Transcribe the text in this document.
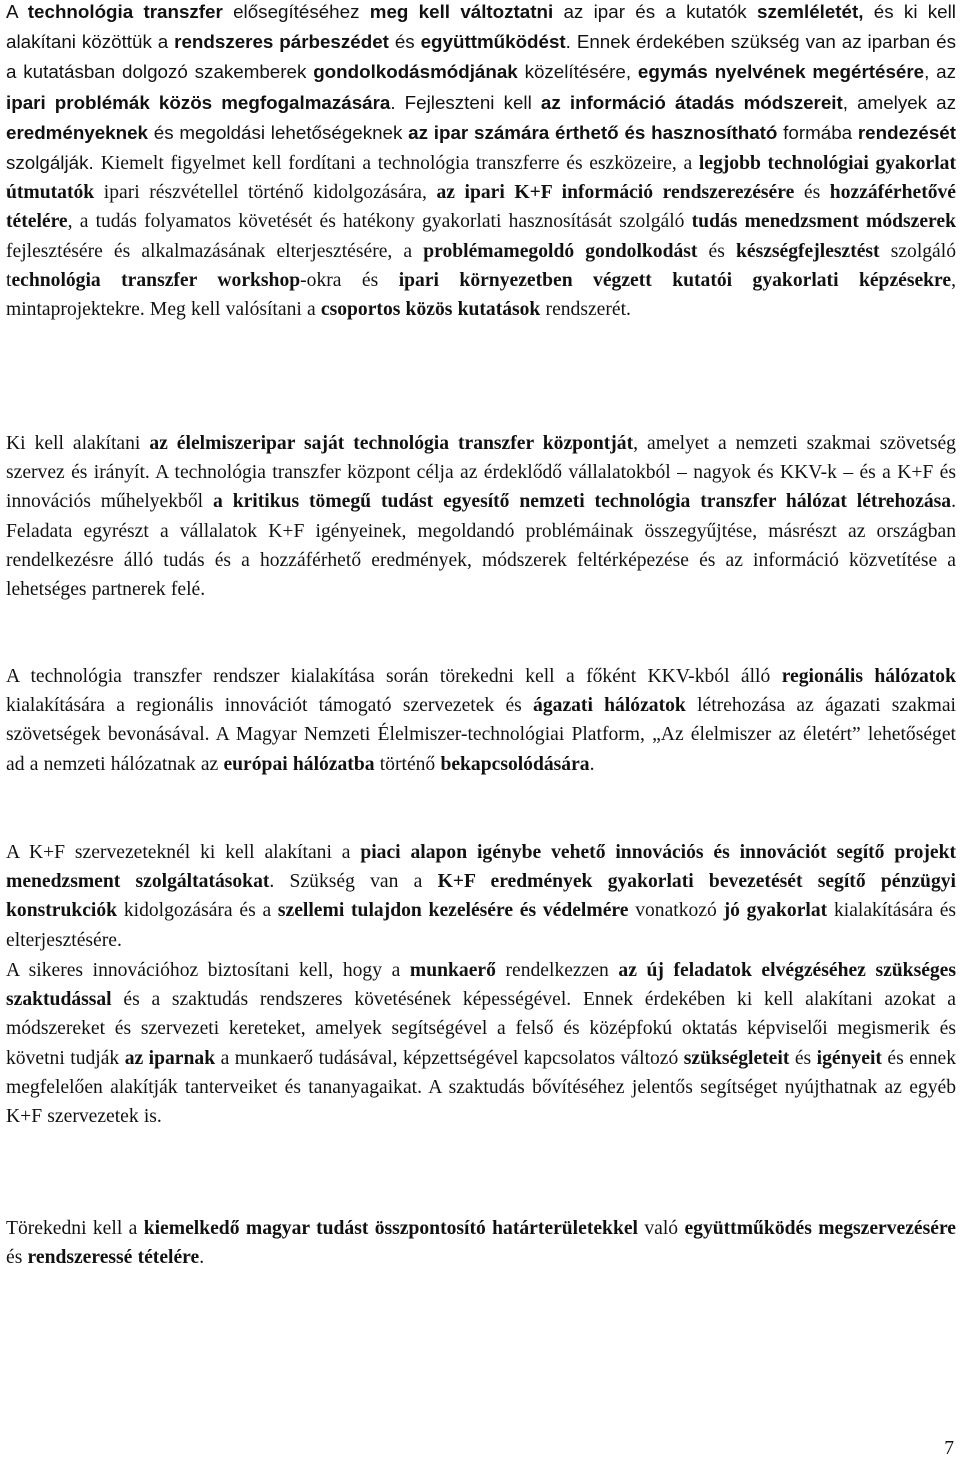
A technológia transzfer elősegítéséhez meg kell változtatni az ipar és a kutatók szemléletét, és ki kell alakítani közöttük a rendszeres párbeszédet és együttműködést. Ennek érdekében szükség van az iparban és a kutatásban dolgozó szakemberek gondolkodásmódjának közelítésére, egymás nyelvének megértésére, az ipari problémák közös megfogalmazására. Fejleszteni kell az információ átadás módszereit, amelyek az eredményeknek és megoldási lehetőségeknek az ipar számára érthető és hasznosítható formába rendezését szolgálják. Kiemelt figyelmet kell fordítani a technológia transzferre és eszközeire, a legjobb technológiai gyakorlat útmutatók ipari részvétellel történő kidolgozására, az ipari K+F információ rendszerezésére és hozzáférhetővé tételére, a tudás folyamatos követését és hatékony gyakorlati hasznosítását szolgáló tudás menedzsment módszerek fejlesztésére és alkalmazásának elterjesztésére, a problémamegoldó gondolkodást és készségfejlesztést szolgáló technológia transzfer workshop-okra és ipari környezetben végzett kutatói gyakorlati képzésekre, mintaprojektekre. Meg kell valósítani a csoportos közös kutatások rendszerét.

Ki kell alakítani az élelmiszeripar saját technológia transzfer központját, amelyet a nemzeti szakmai szövetség szervez és irányít. A technológia transzfer központ célja az érdeklődő vállalatokból – nagyok és KKV-k – és a K+F és innovációs műhelyekből a kritikus tömegű tudást egyesítő nemzeti technológia transzfer hálózat létrehozása. Feladata egyrészt a vállalatok K+F igényeinek, megoldandó problémáinak összegyűjtése, másrészt az országban rendelkezésre álló tudás és a hozzáférhető eredmények, módszerek feltérképezése és az információ közvetítése a lehetséges partnerek felé.

A technológia transzfer rendszer kialakítása során törekedni kell a főként KKV-kból álló regionális hálózatok kialakítására a regionális innovációt támogató szervezetek és ágazati hálózatok létrehozása az ágazati szakmai szövetségek bevonásával. A Magyar Nemzeti Élelmiszer-technológiai Platform, „Az élelmiszer az életért” lehetőséget ad a nemzeti hálózatnak az európai hálózatba történő bekapcsolódására.

A K+F szervezeteknél ki kell alakítani a piaci alapon igénybe vehető innovációs és innovációt segítő projekt menedzsment szolgáltatásokat. Szükség van a K+F eredmények gyakorlati bevezetését segítő pénzügyi konstrukciók kidolgozására és a szellemi tulajdon kezelésére és védelmére vonatkozó jó gyakorlat kialakítására és elterjesztésére.

A sikeres innovációhoz biztosítani kell, hogy a munkaerő rendelkezzen az új feladatok elvégzéséhez szükséges szaktudással és a szaktudás rendszeres követésének képességével. Ennek érdekében ki kell alakítani azokat a módszereket és szervezeti kereteket, amelyek segítségével a felső és középfokú oktatás képviselői megismerik és követni tudják az iparnak a munkaerő tudásával, képzettségével kapcsolatos változó szükségleteit és igényeit és ennek megfelelően alakítják tanterveiket és tananyagaikat. A szaktudás bővítéséhez jelentős segítséget nyújthatnak az egyéb K+F szervezetek is.

Törekedni kell a kiemelkedő magyar tudást összpontosító határterületekkel való együttműködés megszervezésére és rendszeressé tételére.

7
